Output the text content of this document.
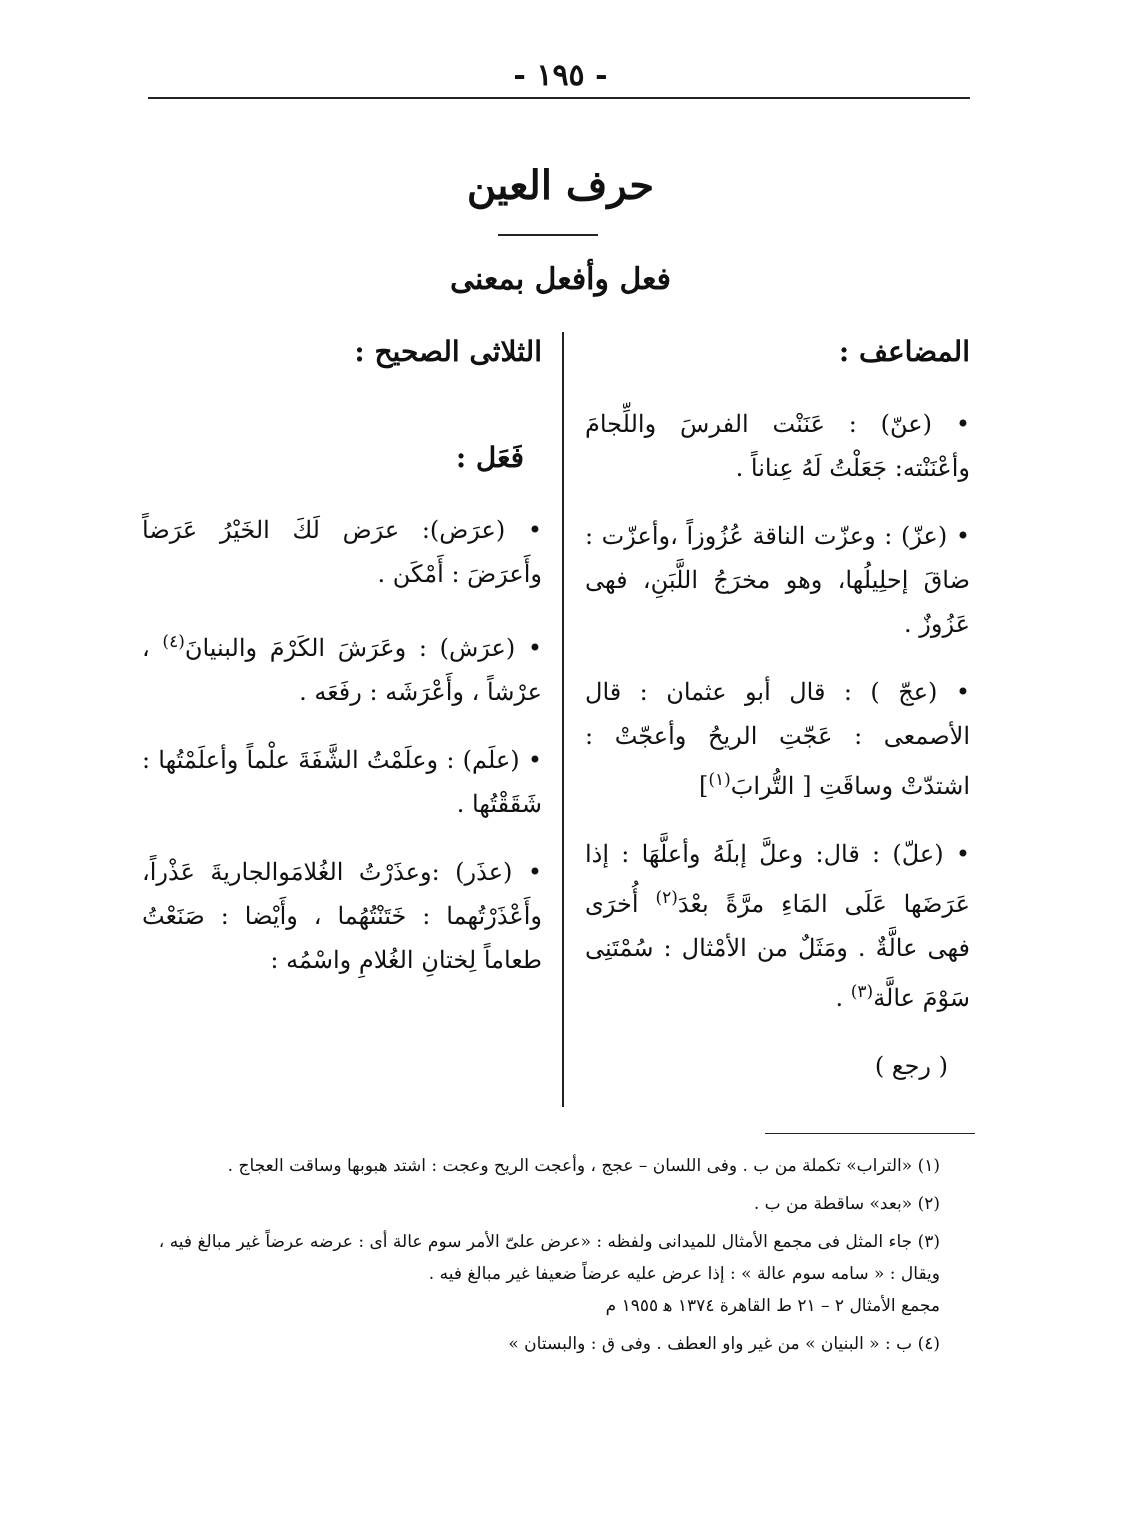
- ١٩٥ -
حرف العين
فعل وأفعل بمعنى
المضاعف :
• (عنّ) : عَنَنْت الفرسَ واللِّجامَ وأعْنَنْته: جَعَلْتُ لَهُ عِناناً .
• (عزّ) : وعزّت الناقة عُزُوزاً ،وأعزّت : ضاقَ إحلِيلُها، وهو مخرَجُ اللَّبَنِ، فهى عَزُوزٌ .
• (عجّ ) : قال أبو عثمان : قال الأصمعى : عَجّتِ الريحُ وأعجّتْ : اشتدّتْ وساقَتِ [ التُّرابَ$^{(١)}$]
• (علّ) : قال: وعلَّ إبلَهُ وأعلَّهَا : إذا عَرَضَها عَلَى المَاءِ مرَّةً بعْدَ$^{(٢)}$ أُخرَى فهى عالَّةٌ . ومَثَلٌ من الأمْثال : سُمْتَنِى سَوْمَ عالَّة$^{(٣)}$ .
( رجع )
الثلاثى الصحيح :
فَعَل :
• (عرَض): عرَض لَكَ الخَيْرُ عَرَضاً وأَعرَضَ : أَمْكَن .
• (عرَش) : وعَرَشَ الكَرْمَ والبنيانَ$^{(٤)}$ ، عرْشاً ، وأَعْرَشَه : رفَعَه .
• (علَم) : وعلَمْتُ الشَّفَةَ علْماً وأعلَمْتُها : شَقَقْتُها .
• (عذَر) :وعذَرْتُ الغُلامَوالجاريةَ عَذْراً، وأَعْذَرْتُهما : خَتَنْتُهُما ، وأَيْضا : صَنَعْتُ طعاماً لِختانِ الغُلامِ واسْمُه :
(١) «التراب» تكملة من ب . وفى اللسان – عجج ، وأعجت الريح وعجت : اشتد هبوبها وساقت العجاج .
(٢) «بعد» ساقطة من ب .
(٣) جاء المثل فى مجمع الأمثال للميدانى ولفظه : «عرض علىّ الأمر سوم عالة أى : عرضه عرضاً غير مبالغ فيه ،
ويقال : « سامه سوم عالة » : إذا عرض عليه عرضاً ضعيفا غير مبالغ فيه .
مجمع الأمثال ٢ – ٢١ ط القاهرة ١٣٧٤ ﻫ ١٩٥٥ م
(٤) ب : « البنيان » من غير واو العطف . وفى ق : والبستان »
